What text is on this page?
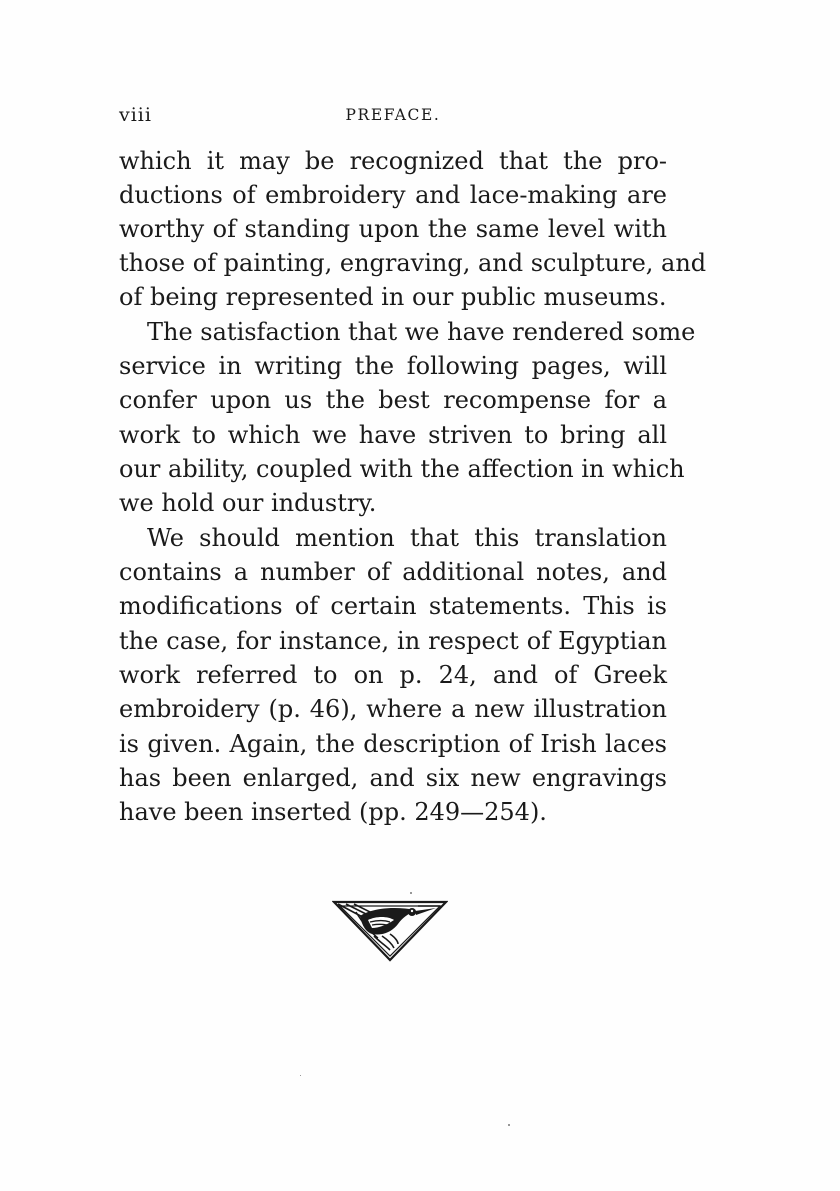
viii	PREFACE.
which it may be recognized that the pro-
ductions of embroidery and lace-making are
worthy of standing upon the same level with
those of painting, engraving, and sculpture, and
of being represented in our public museums.
The satisfaction that we have rendered some
service in writing the following pages, will
confer upon us the best recompense for a
work to which we have striven to bring all
our ability, coupled with the affection in which
we hold our industry.
We should mention that this translation
contains a number of additional notes, and
modifications of certain statements. This is
the case, for instance, in respect of Egyptian
work referred to on p. 24, and of Greek
embroidery (p. 46), where a new illustration
is given. Again, the description of Irish laces
has been enlarged, and six new engravings
have been inserted (pp. 249—254).
